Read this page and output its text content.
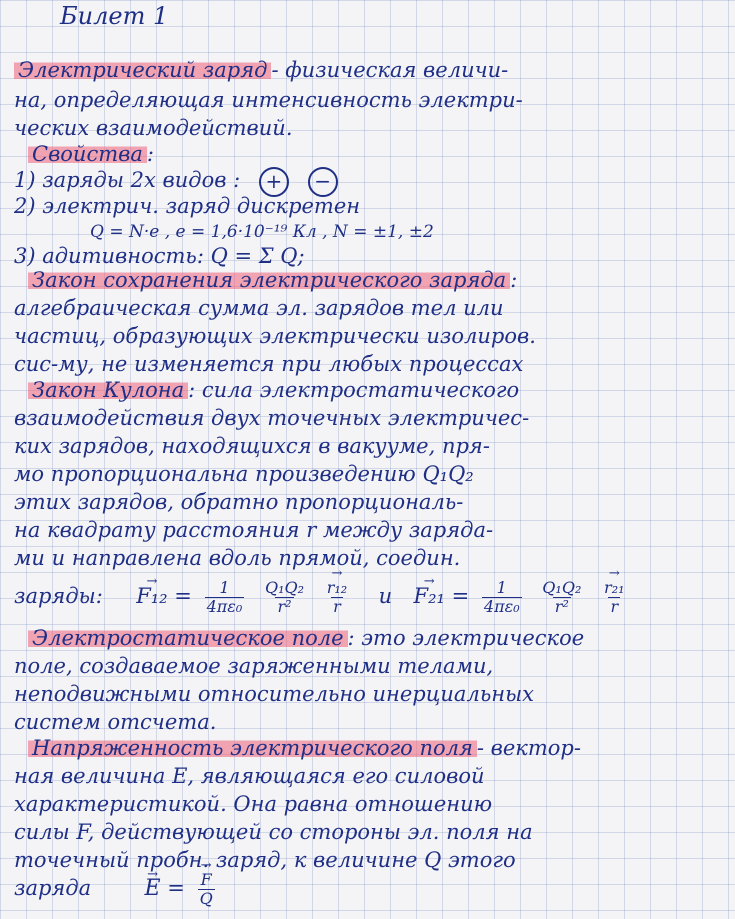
Билет 1
Электрический заряд - физическая величи-
на, определяющая интенсивность электри-
ческих взаимодействий.
Свойства :
1) заряды 2х видов : + −
2) электрич. заряд дискретен
Q = N·e , e = 1,6·10⁻¹⁹ Кл , N = ±1, ±2
3) адитивность: Q = Σ Q;
Закон сохранения электрического заряда :
алгебраическая сумма эл. зарядов тел или
частиц, образующих электрически изолиров.
сис-му, не изменяется при любых процессах
Закон Кулона : сила электростатического
взаимодействия двух точечных электричес-
ких зарядов, находящихся в вакууме, пря-
мо пропорциональна произведению Q₁Q₂
этих зарядов, обратно пропорциональ-
на квадрату расстояния r между заряда-
ми и направлена вдоль прямой, соедин.
заряды: → $F_{12} = \frac{1}{\text{4πε₀}}$
$\frac{\text{Q₁Q₂}}{\text{r²}}$
→ $\frac{\text{r₁₂}}{r}$ $и \to F_{21} = \frac{1}{\text{4πε₀}}$
$\frac{\text{Q₁Q₂}}{\text{r²}}$
→ $\frac{\text{r₂₁}}{r}$
Электростатическое поле : это электрическое
поле, создаваемое заряженными телами,
неподвижными относительно инерциальных
систем отсчета.
Напряженность электрического поля - вектор-
ная величина E, являющаяся его силовой
характеристикой. Она равна отношению
силы F, действующей со стороны эл. поля на
точечный пробн. заряд, к величине Q этого
заряда → E = → $\frac{F}{Q}$
